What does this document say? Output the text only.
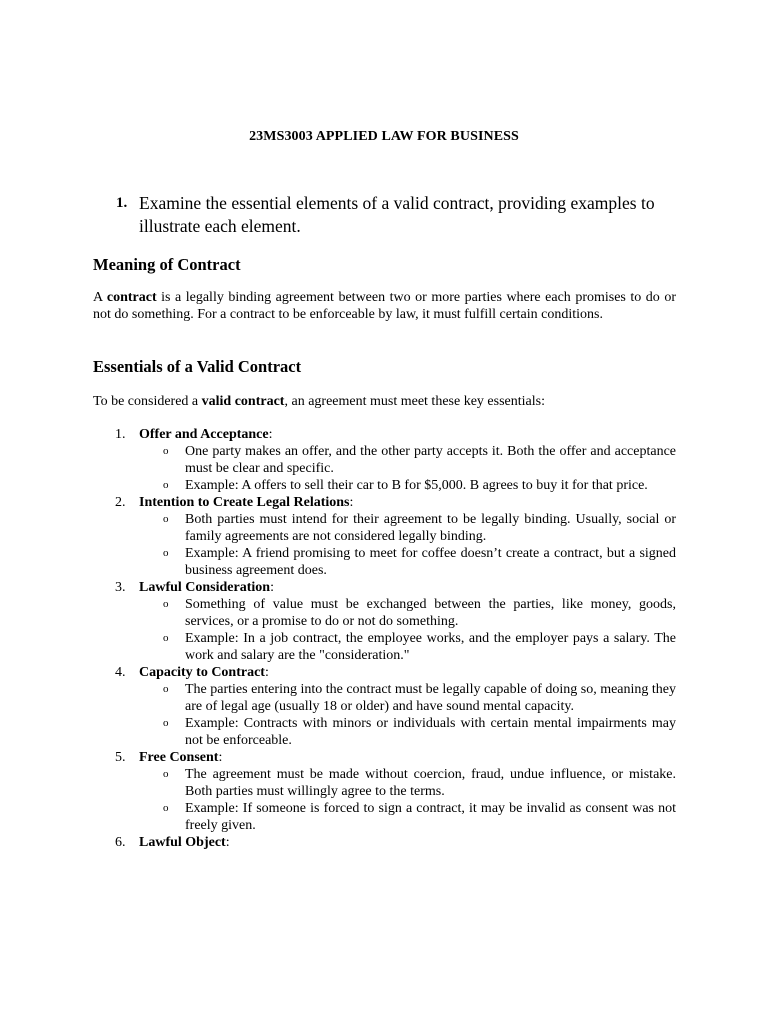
23MS3003 APPLIED LAW FOR BUSINESS
1. Examine the essential elements of a valid contract, providing examples to illustrate each element.
Meaning of Contract
A contract is a legally binding agreement between two or more parties where each promises to do or not do something. For a contract to be enforceable by law, it must fulfill certain conditions.
Essentials of a Valid Contract
To be considered a valid contract, an agreement must meet these key essentials:
1. Offer and Acceptance:
o One party makes an offer, and the other party accepts it. Both the offer and acceptance must be clear and specific.
o Example: A offers to sell their car to B for $5,000. B agrees to buy it for that price.
2. Intention to Create Legal Relations:
o Both parties must intend for their agreement to be legally binding. Usually, social or family agreements are not considered legally binding.
o Example: A friend promising to meet for coffee doesn’t create a contract, but a signed business agreement does.
3. Lawful Consideration:
o Something of value must be exchanged between the parties, like money, goods, services, or a promise to do or not do something.
o Example: In a job contract, the employee works, and the employer pays a salary. The work and salary are the "consideration."
4. Capacity to Contract:
o The parties entering into the contract must be legally capable of doing so, meaning they are of legal age (usually 18 or older) and have sound mental capacity.
o Example: Contracts with minors or individuals with certain mental impairments may not be enforceable.
5. Free Consent:
o The agreement must be made without coercion, fraud, undue influence, or mistake. Both parties must willingly agree to the terms.
o Example: If someone is forced to sign a contract, it may be invalid as consent was not freely given.
6. Lawful Object:
